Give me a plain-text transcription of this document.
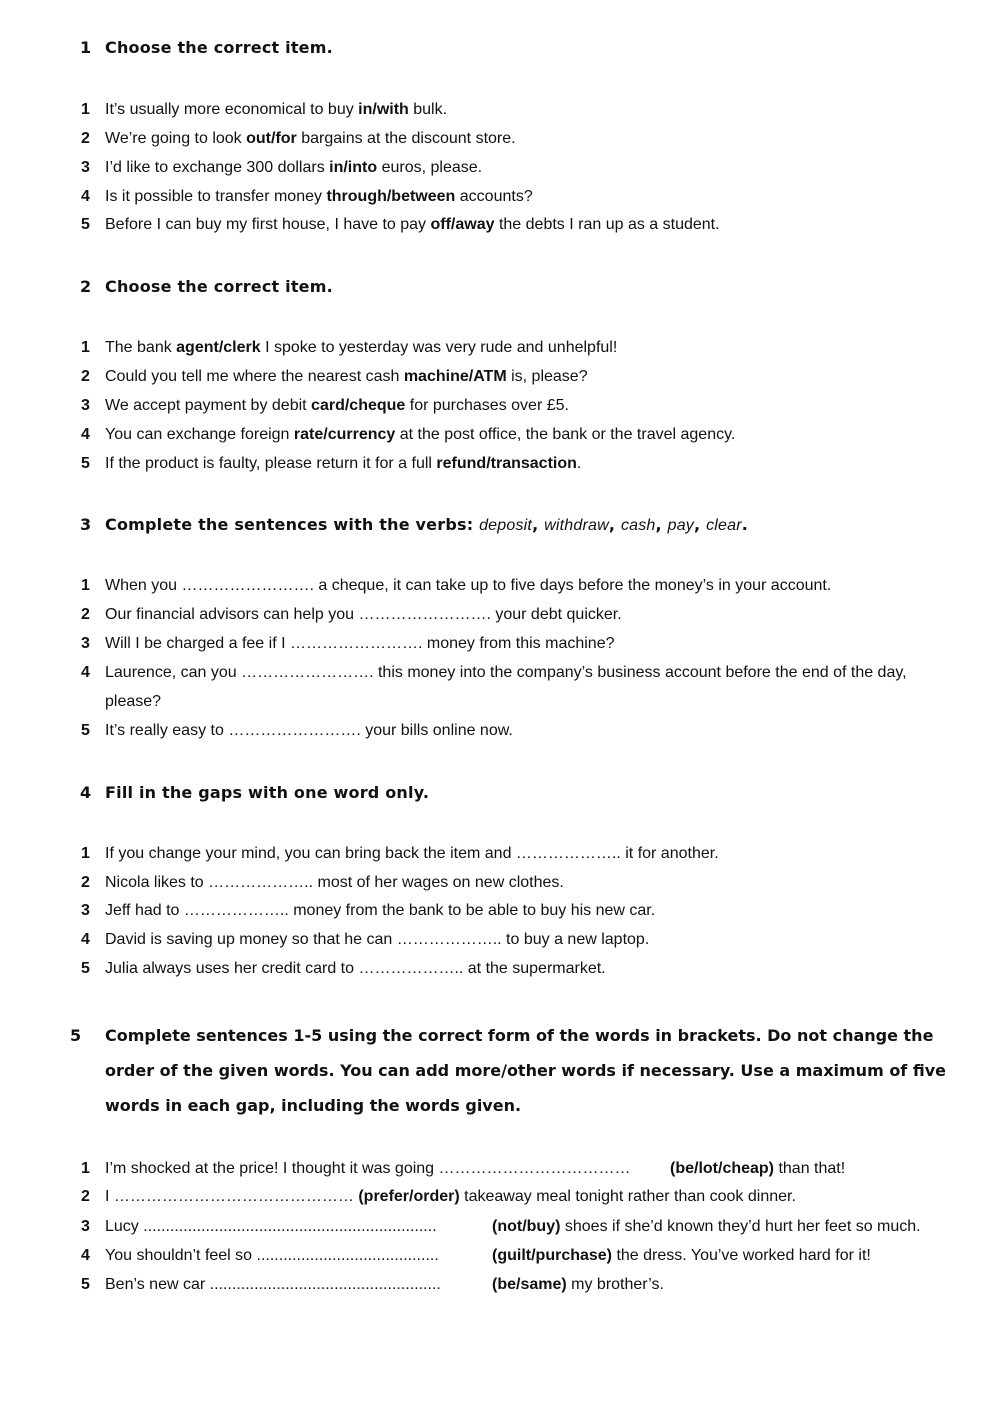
1 Choose the correct item.
1 It’s usually more economical to buy in/with bulk.
2 We’re going to look out/for bargains at the discount store.
3 I’d like to exchange 300 dollars in/into euros, please.
4 Is it possible to transfer money through/between accounts?
5 Before I can buy my first house, I have to pay off/away the debts I ran up as a student.
2 Choose the correct item.
1 The bank agent/clerk I spoke to yesterday was very rude and unhelpful!
2 Could you tell me where the nearest cash machine/ATM is, please?
3 We accept payment by debit card/cheque for purchases over £5.
4 You can exchange foreign rate/currency at the post office, the bank or the travel agency.
5 If the product is faulty, please return it for a full refund/transaction.
3 Complete the sentences with the verbs: deposit, withdraw, cash, pay, clear.
1 When you ……………………. a cheque, it can take up to five days before the money’s in your account.
2 Our financial advisors can help you ……………………. your debt quicker.
3 Will I be charged a fee if I ……………………. money from this machine?
4 Laurence, can you ……………………. this money into the company’s business account before the end of the day, please?
5 It’s really easy to ……………………. your bills online now.
4 Fill in the gaps with one word only.
1 If you change your mind, you can bring back the item and ……………….. it for another.
2 Nicola likes to ……………….. most of her wages on new clothes.
3 Jeff had to ……………….. money from the bank to be able to buy his new car.
4 David is saving up money so that he can ……………….. to buy a new laptop.
5 Julia always uses her credit card to ……………….. at the supermarket.
5 Complete sentences 1-5 using the correct form of the words in brackets. Do not change the order of the given words. You can add more/other words if necessary. Use a maximum of five words in each gap, including the words given.
1 I’m shocked at the price! I thought it was going ……………………………… (be/lot/cheap) than that!
2 I ……………………………………… (prefer/order) takeaway meal tonight rather than cook dinner.
3 Lucy ..................................................................	(not/buy) shoes if she’d known they’d hurt her feet so much.
4 You shouldn’t feel so .........................................	(guilt/purchase) the dress. You’ve worked hard for it!
5 Ben’s new car ....................................................	(be/same) my brother’s.
